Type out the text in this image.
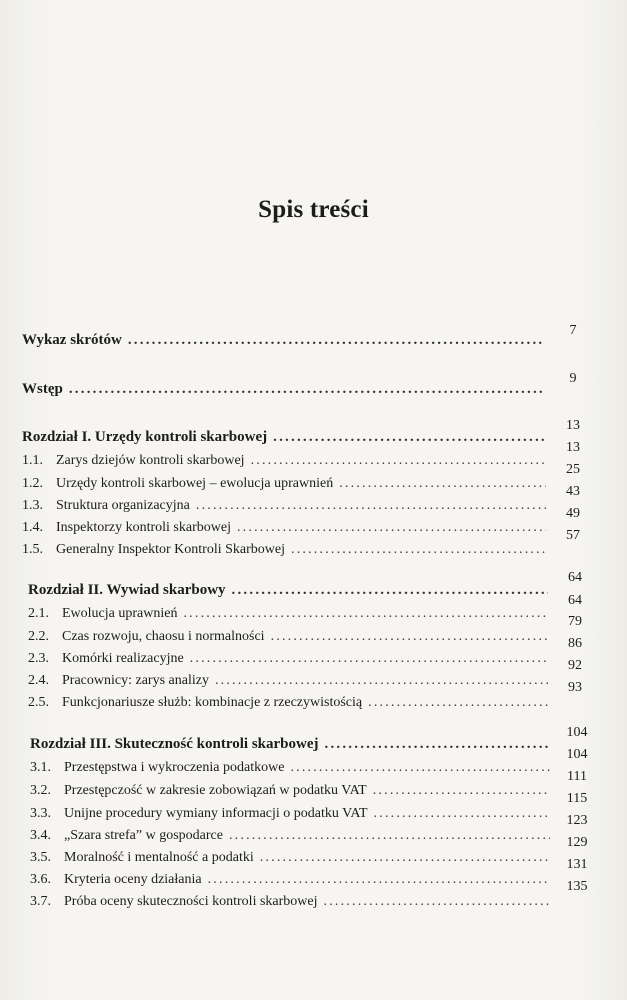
Spis treści
Wykaz skrótów
.....
7
Wstęp
.....
9
Rozdział I. Urzędy kontroli skarbowej
.....
13
1.1. Zarys dziejów kontroli skarbowej
.....
13
1.2. Urzędy kontroli skarbowej – ewolucja uprawnień
.....
25
1.3. Struktura organizacyjna
.....
43
1.4. Inspektorzy kontroli skarbowej
.....
49
1.5. Generalny Inspektor Kontroli Skarbowej
.....
57
Rozdział II. Wywiad skarbowy
.....
64
2.1. Ewolucja uprawnień
.....
64
2.2. Czas rozwoju, chaosu i normalności
.....
79
2.3. Komórki realizacyjne
.....
86
2.4. Pracownicy: zarys analizy
.....
92
2.5. Funkcjonariusze służb: kombinacje z rzeczywistością
.....
93
Rozdział III. Skuteczność kontroli skarbowej
.....
104
3.1. Przestępstwa i wykroczenia podatkowe
.....
104
3.2. Przestępczość w zakresie zobowiązań w podatku VAT
.....
111
3.3. Unijne procedury wymiany informacji o podatku VAT
.....
115
3.4. „Szara strefa” w gospodarce
.....
123
3.5. Moralność i mentalność a podatki
.....
129
3.6. Kryteria oceny działania
.....
131
3.7. Próba oceny skuteczności kontroli skarbowej
.....
135
